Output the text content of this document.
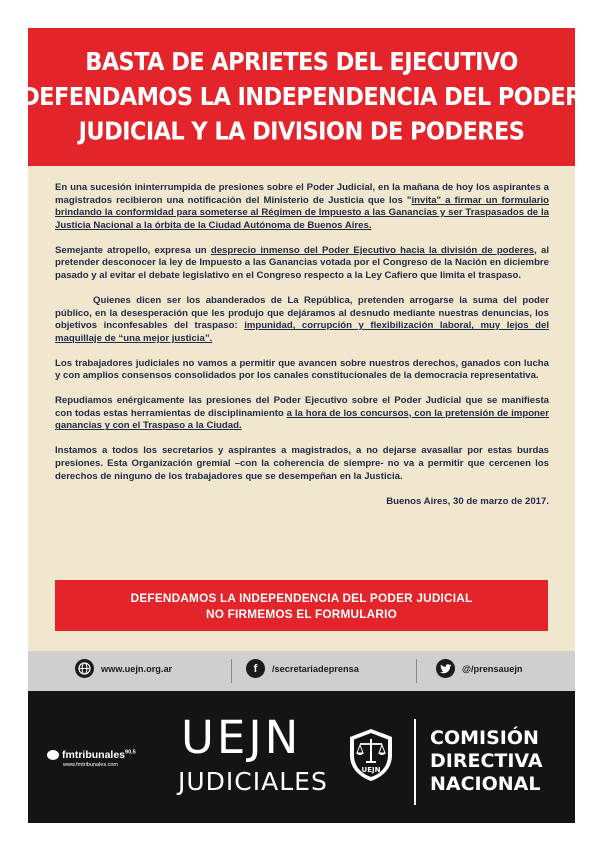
BASTA DE APRIETES DEL EJECUTIVO
DEFENDAMOS LA INDEPENDENCIA DEL PODER
JUDICIAL Y LA DIVISION DE PODERES

En una sucesión ininterrumpida de presiones sobre el Poder Judicial, en la mañana de hoy los aspirantes a magistrados recibieron una notificación del Ministerio de Justicia que los "invita" a firmar un formulario brindando la conformidad para someterse al Régimen de Impuesto a las Ganancias y ser Traspasados de la Justicia Nacional a la órbita de la Ciudad Autónoma de Buenos Aires.

Semejante atropello, expresa un desprecio inmenso del Poder Ejecutivo hacia la división de poderes, al pretender desconocer la ley de Impuesto a las Ganancias votada por el Congreso de la Nación en diciembre pasado y al evitar el debate legislativo en el Congreso respecto a la Ley Cafiero que limita el traspaso.

Quienes dicen ser los abanderados de La República, pretenden arrogarse la suma del poder público, en la desesperación que les produjo que dejáramos al desnudo mediante nuestras denuncias, los objetivos inconfesables del traspaso: impunidad, corrupción y flexibilización laboral, muy lejos del maquillaje de “una mejor justicia”.

Los trabajadores judiciales no vamos a permitir que avancen sobre nuestros derechos, ganados con lucha y con amplios consensos consolidados por los canales constitucionales de la democracia representativa.

Repudiamos enérgicamente las presiones del Poder Ejecutivo sobre el Poder Judicial que se manifiesta con todas estas herramientas de disciplinamiento a la hora de los concursos, con la pretensión de imponer ganancias y con el Traspaso a la Ciudad.

Instamos a todos los secretarios y aspirantes a magistrados, a no dejarse avasallar por estas burdas presiones. Esta Organización gremial –con la coherencia de siempre- no va a permitir que cercenen los derechos de ninguno de los trabajadores que se desempeñan en la Justicia.

Buenos Aires, 30 de marzo de 2017.

DEFENDAMOS LA INDEPENDENCIA DEL PODER JUDICIAL
NO FIRMEMOS EL FORMULARIO
www.uejn.org.ar	f	/secretariadeprensa	@/prensauejn
fmtribunales$^{90.5}$
www.fmtribunales.com
UEJN
JUDICIALES	UEJN
COMISIÓN
DIRECTIVA
NACIONAL
